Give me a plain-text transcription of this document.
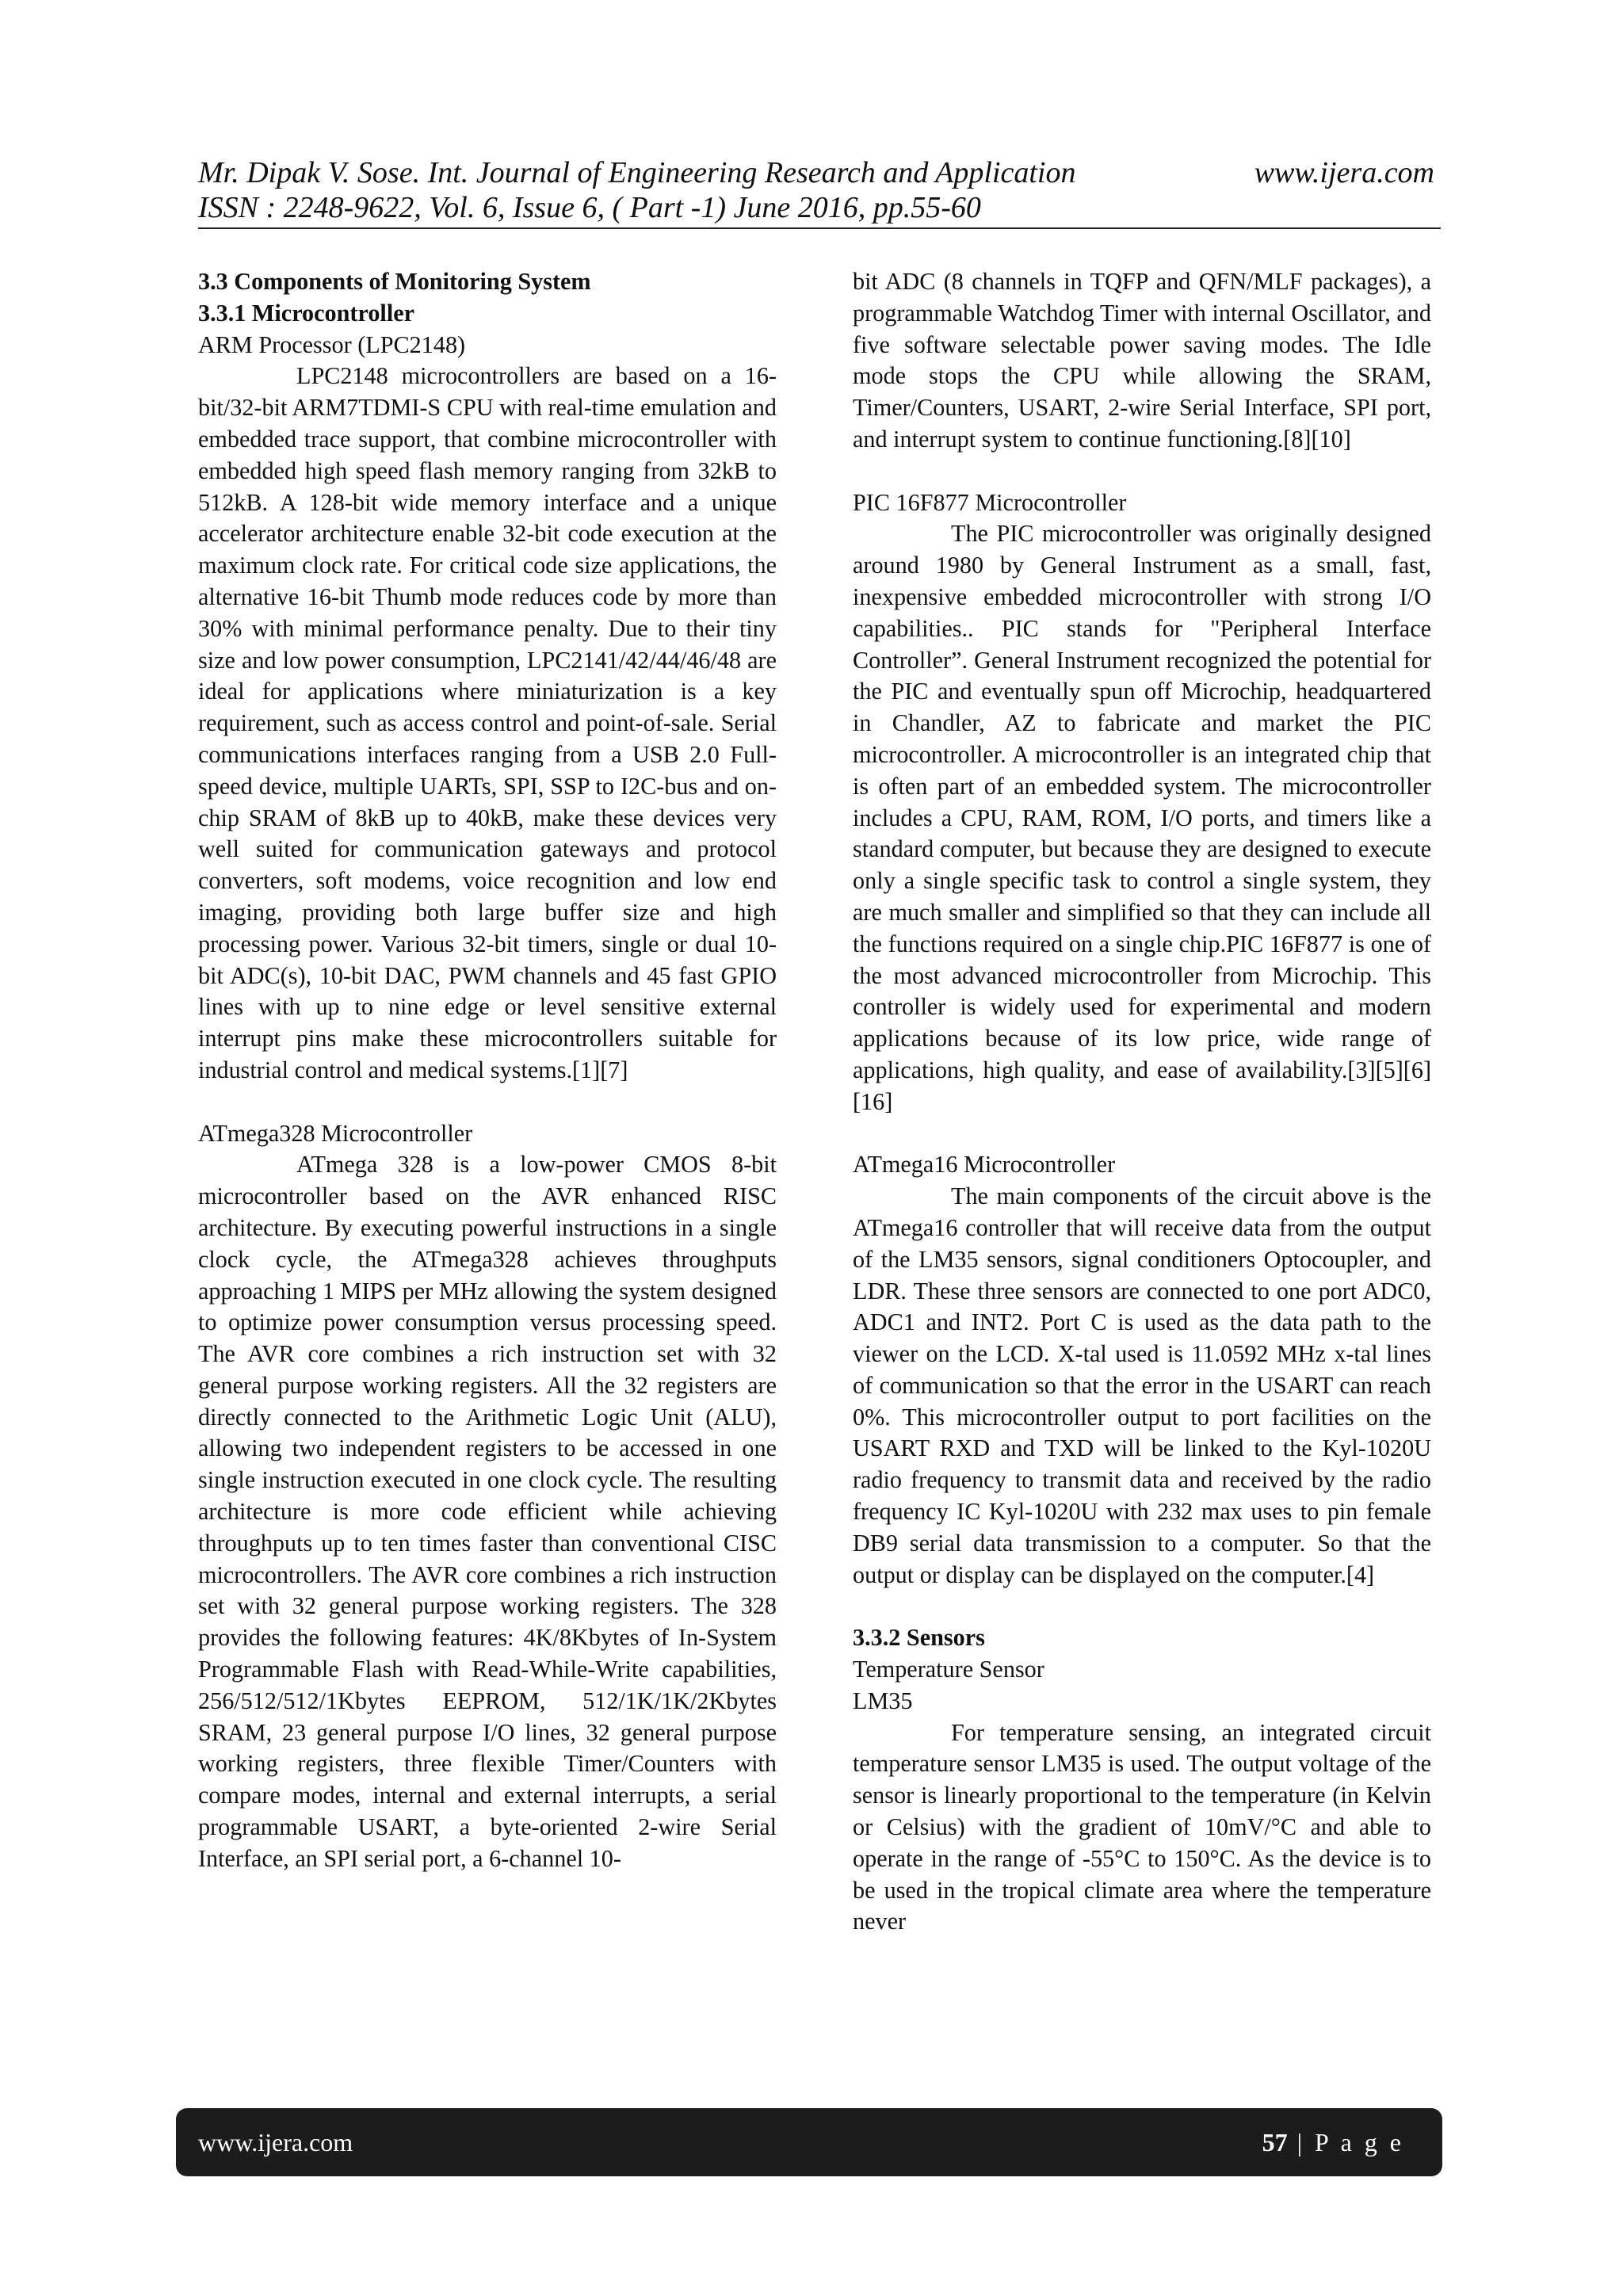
Mr. Dipak V. Sose. Int. Journal of Engineering Research and Application	www.ijera.com
ISSN : 2248-9622, Vol. 6, Issue 6, ( Part -1) June 2016, pp.55-60

3.3 Components of Monitoring System

3.3.1 Microcontroller

ARM Processor (LPC2148)

LPC2148 microcontrollers are based on a 16-bit/32-bit ARM7TDMI-S CPU with real-time emulation and embedded trace support, that combine microcontroller with embedded high speed flash memory ranging from 32kB to 512kB. A 128-bit wide memory interface and a unique accelerator architecture enable 32-bit code execution at the maximum clock rate. For critical code size applications, the alternative 16-bit Thumb mode reduces code by more than 30% with minimal performance penalty. Due to their tiny size and low power consumption, LPC2141/42/44/46/48 are ideal for applications where miniaturization is a key requirement, such as access control and point-of-sale. Serial communications interfaces ranging from a USB 2.0 Full-speed device, multiple UARTs, SPI, SSP to I2C-bus and on-chip SRAM of 8kB up to 40kB, make these devices very well suited for communication gateways and protocol converters, soft modems, voice recognition and low end imaging, providing both large buffer size and high processing power. Various 32-bit timers, single or dual 10-bit ADC(s), 10-bit DAC, PWM channels and 45 fast GPIO lines with up to nine edge or level sensitive external interrupt pins make these microcontrollers suitable for industrial control and medical systems.[1][7]

ATmega328 Microcontroller

ATmega 328 is a low-power CMOS 8-bit microcontroller based on the AVR enhanced RISC architecture. By executing powerful instructions in a single clock cycle, the ATmega328 achieves throughputs approaching 1 MIPS per MHz allowing the system designed to optimize power consumption versus processing speed. The AVR core combines a rich instruction set with 32 general purpose working registers. All the 32 registers are directly connected to the Arithmetic Logic Unit (ALU), allowing two independent registers to be accessed in one single instruction executed in one clock cycle. The resulting architecture is more code efficient while achieving throughputs up to ten times faster than conventional CISC microcontrollers. The AVR core combines a rich instruction set with 32 general purpose working registers. The 328 provides the following features: 4K/8Kbytes of In-System Programmable Flash with Read-While-Write capabilities, 256/512/512/1Kbytes EEPROM, 512/1K/1K/2Kbytes SRAM, 23 general purpose I/O lines, 32 general purpose working registers, three flexible Timer/Counters with compare modes, internal and external interrupts, a serial programmable USART, a byte-oriented 2-wire Serial Interface, an SPI serial port, a 6-channel 10-

bit ADC (8 channels in TQFP and QFN/MLF packages), a programmable Watchdog Timer with internal Oscillator, and five software selectable power saving modes. The Idle mode stops the CPU while allowing the SRAM, Timer/Counters, USART, 2-wire Serial Interface, SPI port, and interrupt system to continue functioning.[8][10]

PIC 16F877 Microcontroller

The PIC microcontroller was originally designed around 1980 by General Instrument as a small, fast, inexpensive embedded microcontroller with strong I/O capabilities.. PIC stands for "Peripheral Interface Controller”. General Instrument recognized the potential for the PIC and eventually spun off Microchip, headquartered in Chandler, AZ to fabricate and market the PIC microcontroller. A microcontroller is an integrated chip that is often part of an embedded system. The microcontroller includes a CPU, RAM, ROM, I/O ports, and timers like a standard computer, but because they are designed to execute only a single specific task to control a single system, they are much smaller and simplified so that they can include all the functions required on a single chip.PIC 16F877 is one of the most advanced microcontroller from Microchip. This controller is widely used for experimental and modern applications because of its low price, wide range of applications, high quality, and ease of availability.[3][5][6][16]

ATmega16 Microcontroller

The main components of the circuit above is the ATmega16 controller that will receive data from the output of the LM35 sensors, signal conditioners Optocoupler, and LDR. These three sensors are connected to one port ADC0, ADC1 and INT2. Port C is used as the data path to the viewer on the LCD. X-tal used is 11.0592 MHz x-tal lines of communication so that the error in the USART can reach 0%. This microcontroller output to port facilities on the USART RXD and TXD will be linked to the Kyl-1020U radio frequency to transmit data and received by the radio frequency IC Kyl-1020U with 232 max uses to pin female DB9 serial data transmission to a computer. So that the output or display can be displayed on the computer.[4]

3.3.2 Sensors

Temperature Sensor

LM35

For temperature sensing, an integrated circuit temperature sensor LM35 is used. The output voltage of the sensor is linearly proportional to the temperature (in Kelvin or Celsius) with the gradient of 10mV/°C and able to operate in the range of -55°C to 150°C. As the device is to be used in the tropical climate area where the temperature never

www.ijera.com	57 | P a g e
